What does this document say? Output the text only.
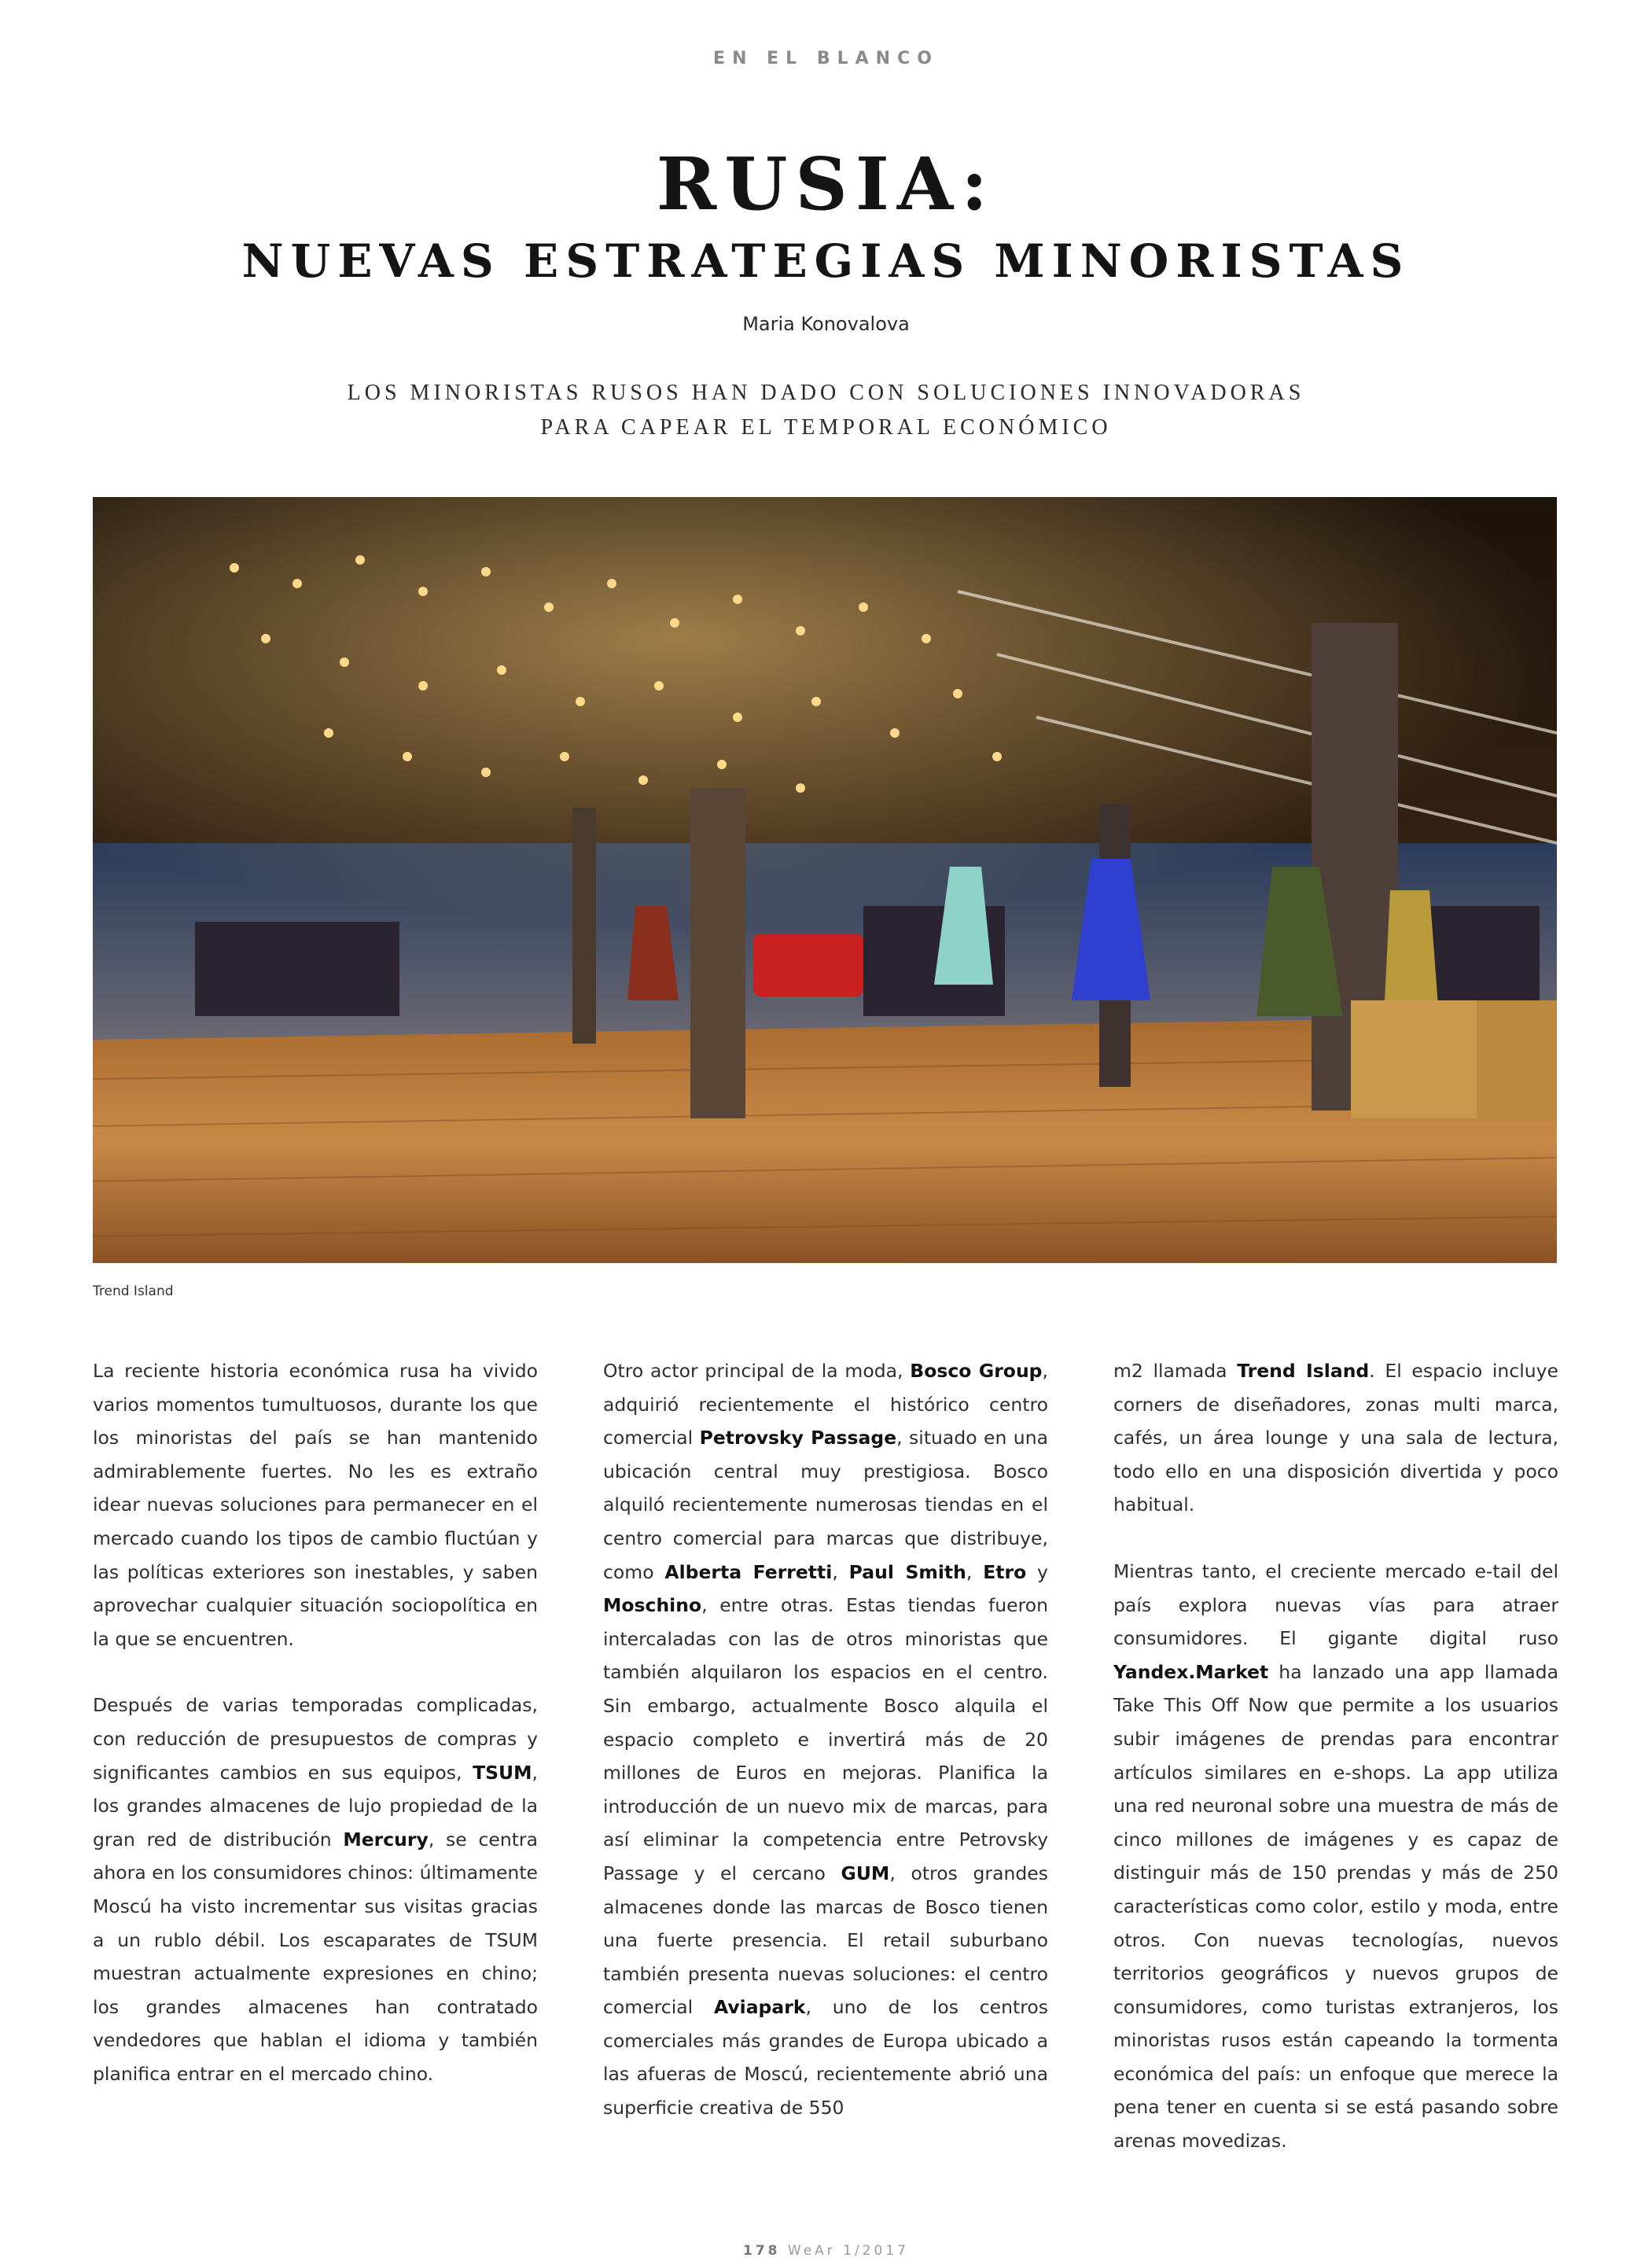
EN EL BLANCO
RUSIA:
NUEVAS ESTRATEGIAS MINORISTAS
Maria Konovalova
LOS MINORISTAS RUSOS HAN DADO CON SOLUCIONES INNOVADORAS
PARA CAPEAR EL TEMPORAL ECONÓMICO
Trend Island

La reciente historia económica rusa ha vivido varios momentos tumultuosos, durante los que los minoristas del país se han mantenido admirablemente fuertes. No les es extraño idear nuevas soluciones para permanecer en el mercado cuando los tipos de cambio fluctúan y las políticas exteriores son inestables, y saben aprovechar cualquier situación sociopolítica en la que se encuentren.

Después de varias temporadas complicadas, con reducción de presupuestos de compras y significantes cambios en sus equipos, TSUM, los grandes almacenes de lujo propiedad de la gran red de distribución Mercury, se centra ahora en los consumidores chinos: últimamente Moscú ha visto incrementar sus visitas gracias a un rublo débil. Los escaparates de TSUM muestran actualmente expresiones en chino; los grandes almacenes han contratado vendedores que hablan el idioma y también planifica entrar en el mercado chino.

Otro actor principal de la moda, Bosco Group, adquirió recientemente el histórico centro comercial Petrovsky Passage, situado en una ubicación central muy prestigiosa. Bosco alquiló recientemente numerosas tiendas en el centro comercial para marcas que distribuye, como Alberta Ferretti, Paul Smith, Etro y Moschino, entre otras. Estas tiendas fueron intercaladas con las de otros minoristas que también alquilaron los espacios en el centro. Sin embargo, actualmente Bosco alquila el espacio completo e invertirá más de 20 millones de Euros en mejoras. Planifica la introducción de un nuevo mix de marcas, para así eliminar la competencia entre Petrovsky Passage y el cercano GUM, otros grandes almacenes donde las marcas de Bosco tienen una fuerte presencia. El retail suburbano también presenta nuevas soluciones: el centro comercial Aviapark, uno de los centros comerciales más grandes de Europa ubicado a las afueras de Moscú, recientemente abrió una superficie creativa de 550

m2 llamada Trend Island. El espacio incluye corners de diseñadores, zonas multi marca, cafés, un área lounge y una sala de lectura, todo ello en una disposición divertida y poco habitual.

Mientras tanto, el creciente mercado e-tail del país explora nuevas vías para atraer consumidores. El gigante digital ruso Yandex.Market ha lanzado una app llamada Take This Off Now que permite a los usuarios subir imágenes de prendas para encontrar artículos similares en e-shops. La app utiliza una red neuronal sobre una muestra de más de cinco millones de imágenes y es capaz de distinguir más de 150 prendas y más de 250 características como color, estilo y moda, entre otros. Con nuevas tecnologías, nuevos territorios geográficos y nuevos grupos de consumidores, como turistas extranjeros, los minoristas rusos están capeando la tormenta económica del país: un enfoque que merece la pena tener en cuenta si se está pasando sobre arenas movedizas.

178 WeAr 1/2017
